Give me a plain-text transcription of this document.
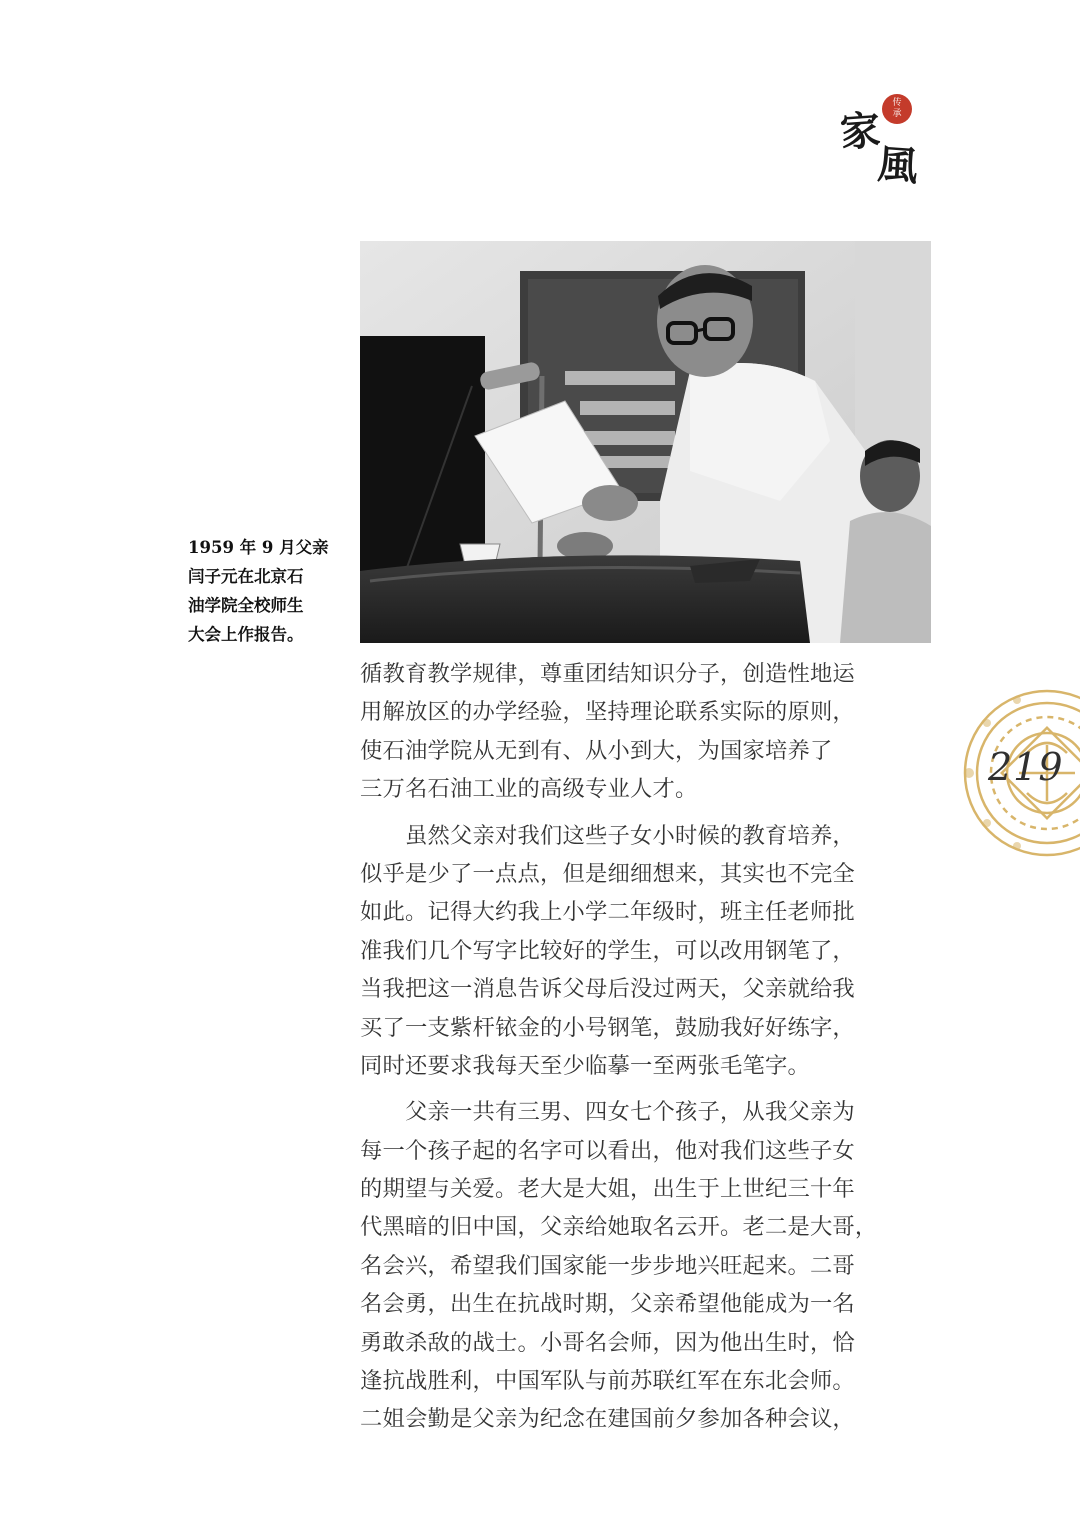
传
承
家
風
1959 年 9 月父亲
闫子元在北京石
油学院全校师生
大会上作报告。
循教育教学规律，尊重团结知识分子，创造性地运
用解放区的办学经验，坚持理论联系实际的原则，
使石油学院从无到有、从小到大，为国家培养了
三万名石油工业的高级专业人才。
　　虽然父亲对我们这些子女小时候的教育培养，
似乎是少了一点点，但是细细想来，其实也不完全
如此。记得大约我上小学二年级时，班主任老师批
准我们几个写字比较好的学生，可以改用钢笔了，
当我把这一消息告诉父母后没过两天，父亲就给我
买了一支紫杆铱金的小号钢笔，鼓励我好好练字，
同时还要求我每天至少临摹一至两张毛笔字。
　　父亲一共有三男、四女七个孩子，从我父亲为
每一个孩子起的名字可以看出，他对我们这些子女
的期望与关爱。老大是大姐，出生于上世纪三十年
代黑暗的旧中国，父亲给她取名云开。老二是大哥，
名会兴，希望我们国家能一步步地兴旺起来。二哥
名会勇，出生在抗战时期，父亲希望他能成为一名
勇敢杀敌的战士。小哥名会师，因为他出生时，恰
逢抗战胜利，中国军队与前苏联红军在东北会师。
二姐会勤是父亲为纪念在建国前夕参加各种会议，
219
